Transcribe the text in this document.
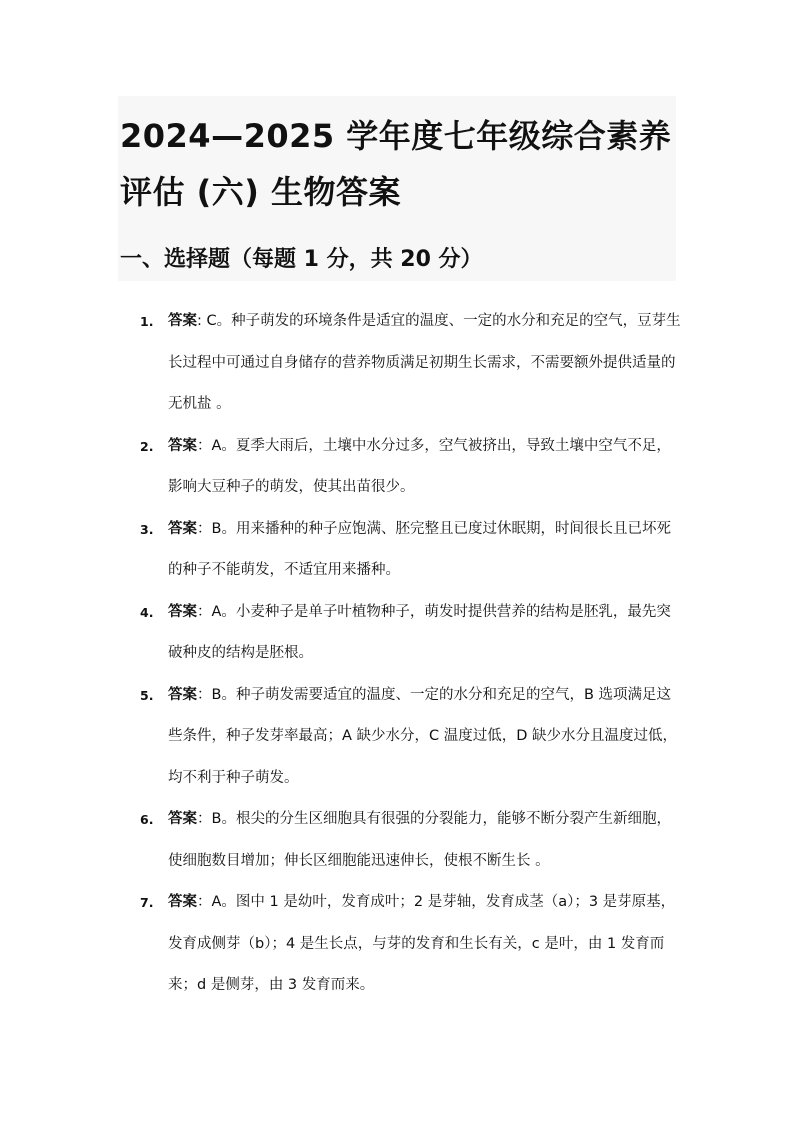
2024—2025 学年度七年级综合素养评估 (六) 生物答案
一、选择题（每题 1 分，共 20 分）
1. 答案: C。种子萌发的环境条件是适宜的温度、一定的水分和充足的空气，豆芽生长过程中可通过自身储存的营养物质满足初期生长需求，不需要额外提供适量的无机盐 。
2. 答案：A。夏季大雨后，土壤中水分过多，空气被挤出，导致土壤中空气不足，影响大豆种子的萌发，使其出苗很少。
3. 答案：B。用来播种的种子应饱满、胚完整且已度过休眠期，时间很长且已坏死的种子不能萌发，不适宜用来播种。
4. 答案：A。小麦种子是单子叶植物种子，萌发时提供营养的结构是胚乳，最先突破种皮的结构是胚根。
5. 答案：B。种子萌发需要适宜的温度、一定的水分和充足的空气，B 选项满足这些条件，种子发芽率最高；A 缺少水分，C 温度过低，D 缺少水分且温度过低，均不利于种子萌发。
6. 答案：B。根尖的分生区细胞具有很强的分裂能力，能够不断分裂产生新细胞，使细胞数目增加；伸长区细胞能迅速伸长，使根不断生长 。
7. 答案：A。图中 1 是幼叶，发育成叶；2 是芽轴，发育成茎（a）；3 是芽原基，发育成侧芽（b）；4 是生长点，与芽的发育和生长有关，c 是叶，由 1 发育而来；d 是侧芽，由 3 发育而来。
